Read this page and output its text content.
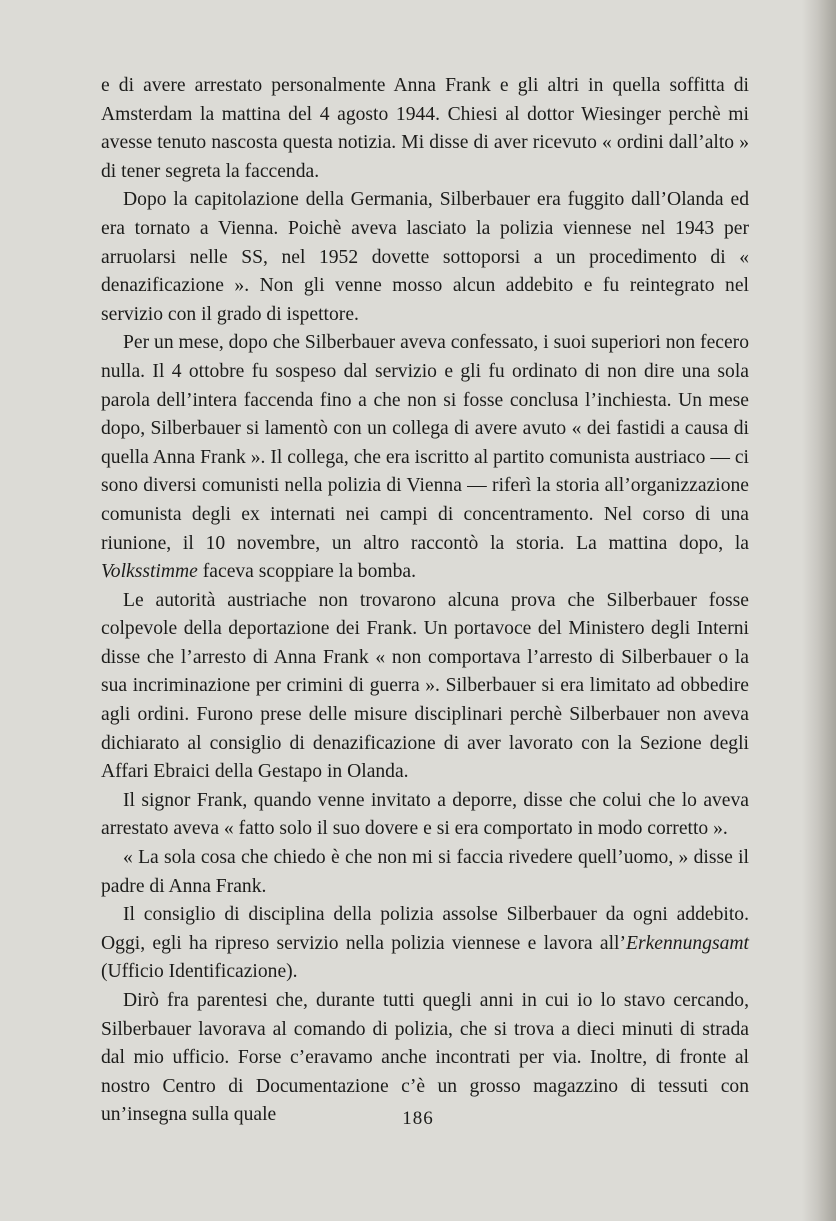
e di avere arrestato personalmente Anna Frank e gli altri in quella soffitta di Amsterdam la mattina del 4 agosto 1944. Chiesi al dottor Wiesinger perchè mi avesse tenuto nascosta questa notizia. Mi disse di aver ricevuto « ordini dall’alto » di tener segreta la faccenda.

Dopo la capitolazione della Germania, Silberbauer era fuggito dall’Olanda ed era tornato a Vienna. Poichè aveva lasciato la polizia viennese nel 1943 per arruolarsi nelle SS, nel 1952 dovette sottoporsi a un procedimento di « denazificazione ». Non gli venne mosso alcun addebito e fu reintegrato nel servizio con il grado di ispettore.

Per un mese, dopo che Silberbauer aveva confessato, i suoi superiori non fecero nulla. Il 4 ottobre fu sospeso dal servizio e gli fu ordinato di non dire una sola parola dell’intera faccenda fino a che non si fosse conclusa l’inchiesta. Un mese dopo, Silberbauer si lamentò con un collega di avere avuto « dei fastidi a causa di quella Anna Frank ». Il collega, che era iscritto al partito comunista austriaco — ci sono diversi comunisti nella polizia di Vienna — riferì la storia all’organizzazione comunista degli ex internati nei campi di concentramento. Nel corso di una riunione, il 10 novembre, un altro raccontò la storia. La mattina dopo, la Volksstimme faceva scoppiare la bomba.

Le autorità austriache non trovarono alcuna prova che Silberbauer fosse colpevole della deportazione dei Frank. Un portavoce del Ministero degli Interni disse che l’arresto di Anna Frank « non comportava l’arresto di Silberbauer o la sua incriminazione per crimini di guerra ». Silberbauer si era limitato ad obbedire agli ordini. Furono prese delle misure disciplinari perchè Silberbauer non aveva dichiarato al consiglio di denazificazione di aver lavorato con la Sezione degli Affari Ebraici della Gestapo in Olanda.

Il signor Frank, quando venne invitato a deporre, disse che colui che lo aveva arrestato aveva « fatto solo il suo dovere e si era comportato in modo corretto ».

« La sola cosa che chiedo è che non mi si faccia rivedere quell’uomo, » disse il padre di Anna Frank.

Il consiglio di disciplina della polizia assolse Silberbauer da ogni addebito. Oggi, egli ha ripreso servizio nella polizia viennese e lavora all’Erkennungsamt (Ufficio Identificazione).

Dirò fra parentesi che, durante tutti quegli anni in cui io lo stavo cercando, Silberbauer lavorava al comando di polizia, che si trova a dieci minuti di strada dal mio ufficio. Forse c’eravamo anche incontrati per via. Inoltre, di fronte al nostro Centro di Documentazione c’è un grosso magazzino di tessuti con un’insegna sulla quale	186
